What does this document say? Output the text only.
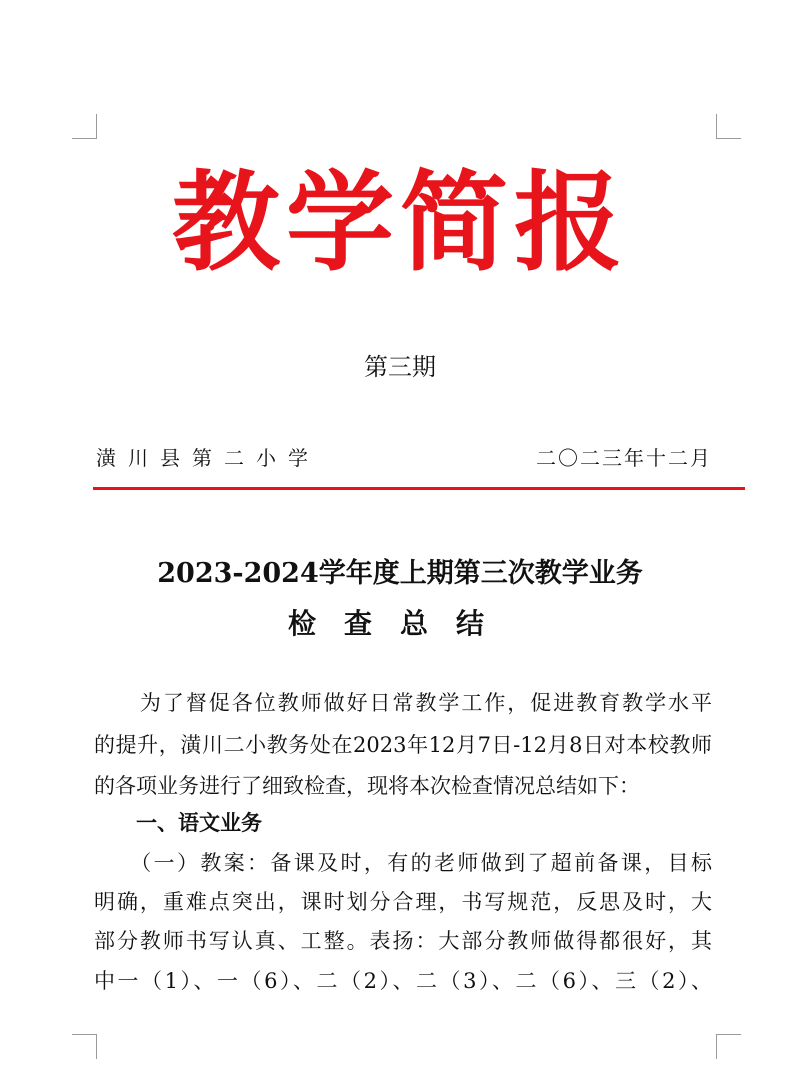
教学简报
第三期
潢川县第二小学	二〇二三年十二月
2023-2024学年度上期第三次教学业务
检查总结
　　为了督促各位教师做好日常教学工作，促进教育教学水平
的提升，潢川二小教务处在2023年12月7日-12月8日对本校教师
的各项业务进行了细致检查，现将本次检查情况总结如下：
　　一、语文业务
　　（一）教案：备课及时，有的老师做到了超前备课，目标
明确，重难点突出，课时划分合理，书写规范，反思及时，大
部分教师书写认真、工整。表扬：大部分教师做得都很好，其
中一（1）、一（6）、二（2）、二（3）、二（6）、三（2）、
